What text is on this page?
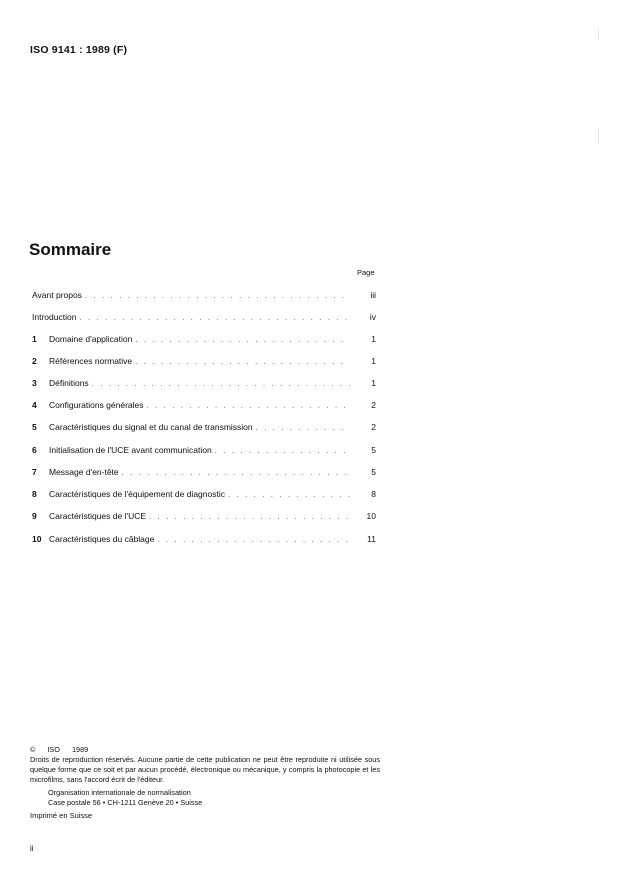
ISO 9141 : 1989 (F)
Sommaire
Page
Avant propos . . .	iii
Introduction . . .	iv
1	Domaine d'application . . .	1
2	Références normative . . .	1
3	Définitions . . .	1
4	Configurations générales . . .	2
5	Caractéristiques du signal et du canal de transmission . . .	2
6	Initialisation de l'UCE avant communication . . .	5
7	Message d'en-tête . . .	5
8	Caractéristiques de l'équipement de diagnostic . . .	8
9	Caractéristiques de l'UCE . . .	10
10 Caractéristiques du câblage . . .	11
© ISO 1989
Droits de reproduction réservés. Aucune partie de cette publication ne peut être reproduite ni utilisée sous quelque forme que ce soit et par aucun procédé, électronique ou mécanique, y compris la photocopie et les microfilms, sans l'accord écrit de l'éditeur.
Organisation internationale de normalisation
Case postale 56 • CH-1211 Genève 20 • Suisse
Imprimé en Suisse
ii
